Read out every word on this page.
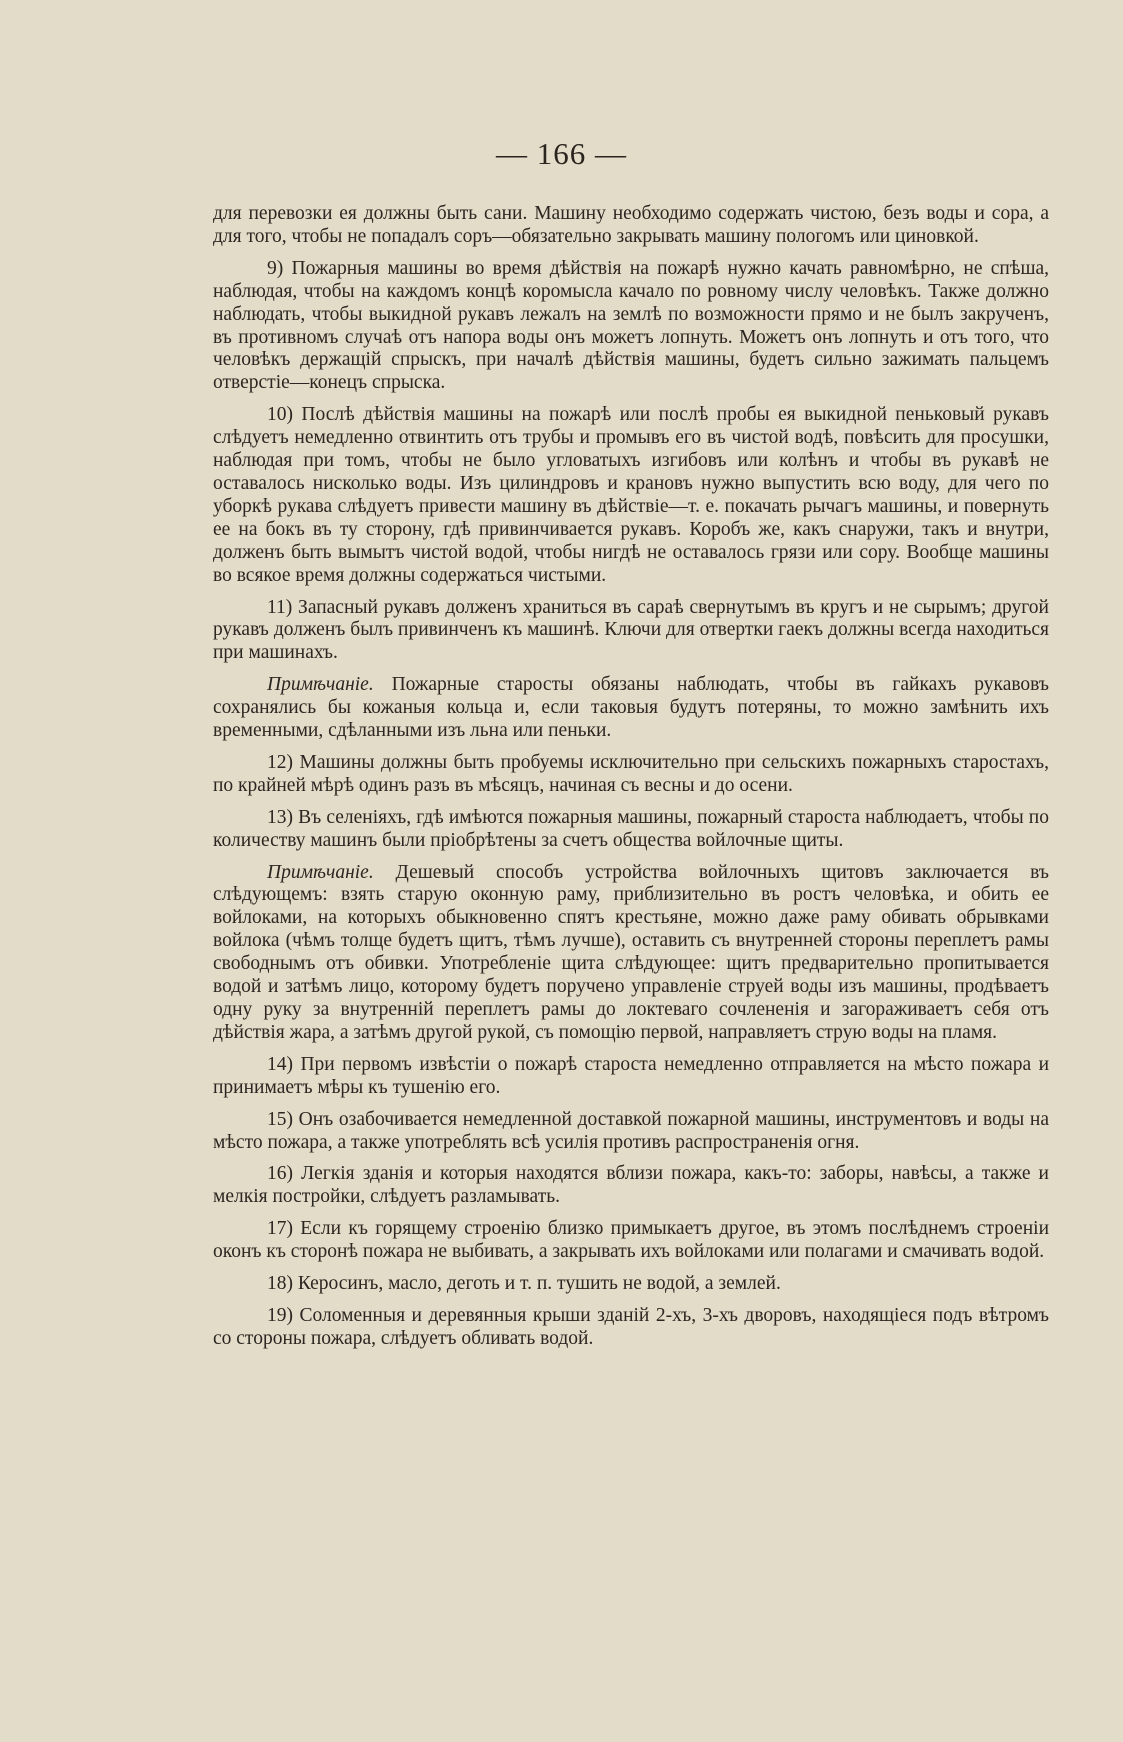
— 166 —

для перевозки ея должны быть сани. Машину необходимо содержать чистою, безъ воды и сора, а для того, чтобы не попадалъ соръ—обязательно закрывать машину пологомъ или циновкой.

9) Пожарныя машины во время дѣйствія на пожарѣ нужно качать равномѣрно, не спѣша, наблюдая, чтобы на каждомъ концѣ коромысла качало по ровному числу человѣкъ. Также должно наблюдать, чтобы выкидной рукавъ лежалъ на землѣ по возможности прямо и не былъ закрученъ, въ противномъ случаѣ отъ напора воды онъ можетъ лопнуть. Можетъ онъ лопнуть и отъ того, что человѣкъ держащій спрыскъ, при началѣ дѣйствія машины, будетъ сильно зажимать пальцемъ отверстіе—конецъ спрыска.

10) Послѣ дѣйствія машины на пожарѣ или послѣ пробы ея выкидной пеньковый рукавъ слѣдуетъ немедленно отвинтить отъ трубы и промывъ его въ чистой водѣ, повѣсить для просушки, наблюдая при томъ, чтобы не было угловатыхъ изгибовъ или колѣнъ и чтобы въ рукавѣ не оставалось нисколько воды. Изъ цилиндровъ и крановъ нужно выпустить всю воду, для чего по уборкѣ рукава слѣдуетъ привести машину въ дѣйствіе—т. е. покачать рычагъ машины, и повернуть ее на бокъ въ ту сторону, гдѣ привинчивается рукавъ. Коробъ же, какъ снаружи, такъ и внутри, долженъ быть вымытъ чистой водой, чтобы нигдѣ не оставалось грязи или сору. Вообще машины во всякое время должны содержаться чистыми.

11) Запасный рукавъ долженъ храниться въ сараѣ свернутымъ въ кругъ и не сырымъ; другой рукавъ долженъ былъ привинченъ къ машинѣ. Ключи для отвертки гаекъ должны всегда находиться при машинахъ.

Примѣчаніе. Пожарные старосты обязаны наблюдать, чтобы въ гайкахъ рукавовъ сохранялись бы кожаныя кольца и, если таковыя будутъ потеряны, то можно замѣнить ихъ временными, сдѣланными изъ льна или пеньки.

12) Машины должны быть пробуемы исключительно при сельскихъ пожарныхъ старостахъ, по крайней мѣрѣ одинъ разъ въ мѣсяцъ, начиная съ весны и до осени.

13) Въ селеніяхъ, гдѣ имѣются пожарныя машины, пожарный староста наблюдаетъ, чтобы по количеству машинъ были пріобрѣтены за счетъ общества войлочные щиты.

Примѣчаніе. Дешевый способъ устройства войлочныхъ щитовъ заключается въ слѣдующемъ: взять старую оконную раму, приблизительно въ ростъ человѣка, и обить ее войлоками, на которыхъ обыкновенно спятъ крестьяне, можно даже раму обивать обрывками войлока (чѣмъ толще будетъ щитъ, тѣмъ лучше), оставить съ внутренней стороны переплетъ рамы свободнымъ отъ обивки. Употребленіе щита слѣдующее: щитъ предварительно пропитывается водой и затѣмъ лицо, которому будетъ поручено управленіе струей воды изъ машины, продѣваетъ одну руку за внутренній переплетъ рамы до локтеваго сочлененія и загораживаетъ себя отъ дѣйствія жара, а затѣмъ другой рукой, съ помощію первой, направляетъ струю воды на пламя.

14) При первомъ извѣстіи о пожарѣ староста немедленно отправляется на мѣсто пожара и принимаетъ мѣры къ тушенію его.

15) Онъ озабочивается немедленной доставкой пожарной машины, инструментовъ и воды на мѣсто пожара, а также употреблять всѣ усилія противъ распространенія огня.

16) Легкія зданія и которыя находятся вблизи пожара, какъ-то: заборы, навѣсы, а также и мелкія постройки, слѣдуетъ разламывать.

17) Если къ горящему строенію близко примыкаетъ другое, въ этомъ послѣднемъ строеніи оконъ къ сторонѣ пожара не выбивать, а закрывать ихъ войлоками или полагами и смачивать водой.

18) Керосинъ, масло, деготь и т. п. тушить не водой, а землей.

19) Соломенныя и деревянныя крыши зданій 2-хъ, 3-хъ дворовъ, находящіеся подъ вѣтромъ со стороны пожара, слѣдуетъ обливать водой.
